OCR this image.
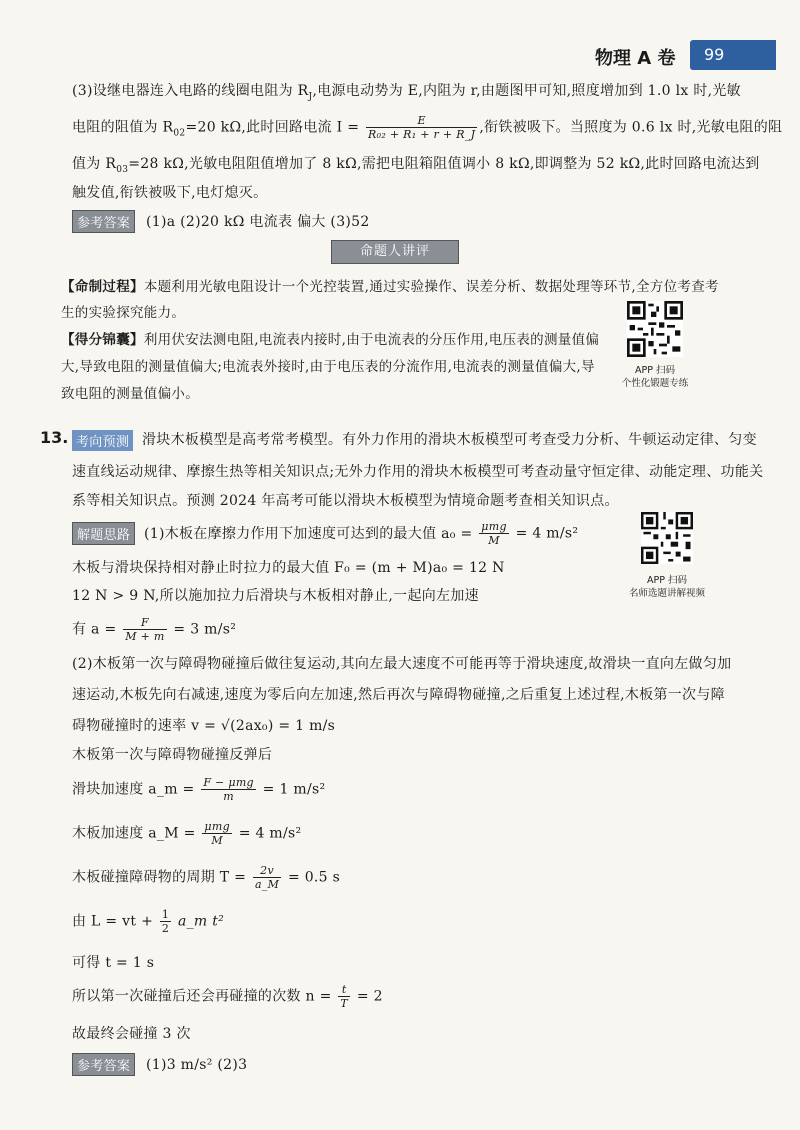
物理 A 卷	99
(3)设继电器连入电路的线圈电阻为 $R_J$,电源电动势为 E,内阻为 r,由题图甲可知,照度增加到 1.0 lx 时,光敏
电阻的阻值为 $R_{02}=20$ kΩ,此时回路电流 $I = \frac{E}{\text{R₀₂ + R₁ + r + R\_J}}$ ,衔铁被吸下。当照度为 0.6 lx 时,光敏电阻的阻
值为 $R_{03}=28$ kΩ,光敏电阻阻值增加了 8 kΩ,需把电阻箱阻值调小 8 kΩ,即调整为 52 kΩ,此时回路电流达到
触发值,衔铁被吸下,电灯熄灭。
参考答案 (1)a (2)20 kΩ 电流表 偏大 (3)52
命题人讲评
【命制过程】本题利用光敏电阻设计一个光控装置,通过实验操作、误差分析、数据处理等环节,全方位考查考
生的实验探究能力。
【得分锦囊】利用伏安法测电阻,电流表内接时,由于电流表的分压作用,电压表的测量值偏
大,导致电阻的测量值偏大;电流表外接时,由于电压表的分流作用,电流表的测量值偏大,导
致电阻的测量值偏小。
APP 扫码
个性化锻题专练
13. 考向预测 滑块木板模型是高考常考模型。有外力作用的滑块木板模型可考查受力分析、牛顿运动定律、匀变
速直线运动规律、摩擦生热等相关知识点;无外力作用的滑块木板模型可考查动量守恒定律、动能定理、功能关
系等相关知识点。预测 2024 年高考可能以滑块木板模型为情境命题考查相关知识点。
解题思路 (1)木板在摩擦力作用下加速度可达到的最大值 $a_0 = \frac{\text{μmg}}{M} = 4$ m/s²
木板与滑块保持相对静止时拉力的最大值 F₀ = (m + M)a₀ = 12 N
12 N > 9 N,所以施加拉力后滑块与木板相对静止,一起向左加速
有 $a = \frac{F}{M + m} = 3$ m/s²
APP 扫码
名师选题讲解视频
(2)木板第一次与障碍物碰撞后做往复运动,其向左最大速度不可能再等于滑块速度,故滑块一直向左做匀加
速运动,木板先向右减速,速度为零后向左加速,然后再次与障碍物碰撞,之后重复上述过程,木板第一次与障
碍物碰撞时的速率 v = √(2ax₀) = 1 m/s
木板第一次与障碍物碰撞反弹后
滑块加速度 a_m = $\frac{\text{F − μmg}}{m} = 1$ m/s²
木板加速度 a_M = $\frac{\text{μmg}}{M} = 4$ m/s²
木板碰撞障碍物的周期 $T = \frac{2v}{a\_M} = 0.5$ s
由 L = vt + $\frac{1}{2}$ a_m t²
可得 t = 1 s
所以第一次碰撞后还会再碰撞的次数 $n = \frac{t}{T} = 2$
故最终会碰撞 3 次
参考答案 (1)3 m/s² (2)3
